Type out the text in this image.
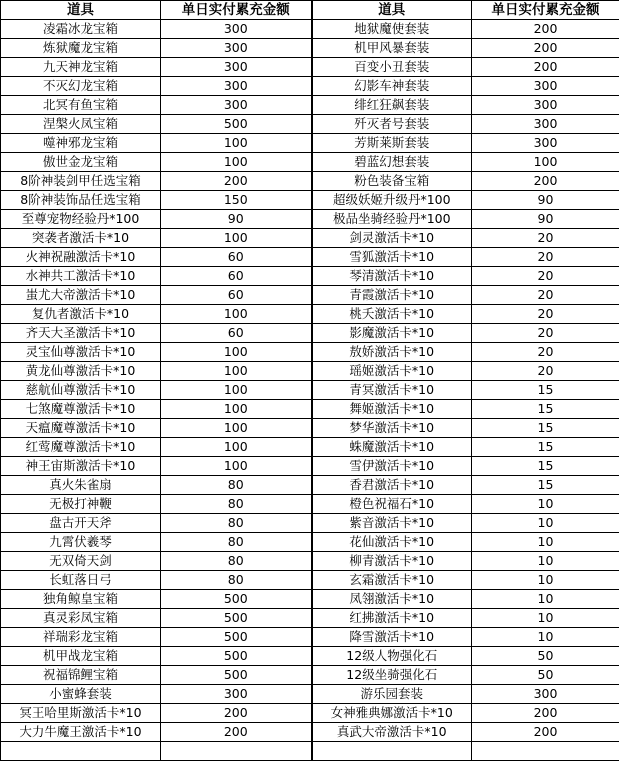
道具	单日实付累充金额	道具	单日实付累充金额
凌霜冰龙宝箱	300	地狱魔使套装	200
炼狱魔龙宝箱	300	机甲风暴套装	200
九天神龙宝箱	300	百变小丑套装	200
不灭幻龙宝箱	300	幻影车神套装	300
北冥有鱼宝箱	300	绯红狂飙套装	300
涅槃火凤宝箱	500	歼灭者号套装	300
噬神邪龙宝箱	100	芳斯莱斯套装	300
傲世金龙宝箱	100	碧蓝幻想套装	100
8阶神装剑甲任选宝箱	200	粉色装备宝箱	200
8阶神装饰品任选宝箱	150	超级妖姬升级丹*100	90
至尊宠物经验丹*100	90	极品坐骑经验丹*100	90
突袭者激活卡*10	100	剑灵激活卡*10	20
火神祝融激活卡*10	60	雪狐激活卡*10	20
水神共工激活卡*10	60	琴清激活卡*10	20
蚩尤大帝激活卡*10	60	青霞激活卡*10	20
复仇者激活卡*10	100	桃夭激活卡*10	20
齐天大圣激活卡*10	60	影魔激活卡*10	20
灵宝仙尊激活卡*10	100	敖娇激活卡*10	20
黄龙仙尊激活卡*10	100	瑶姬激活卡*10	20
慈航仙尊激活卡*10	100	青冥激活卡*10	15
七煞魔尊激活卡*10	100	舞姬激活卡*10	15
天瘟魔尊激活卡*10	100	梦华激活卡*10	15
红莺魔尊激活卡*10	100	蛛魔激活卡*10	15
神王宙斯激活卡*10	100	雪伊激活卡*10	15
真火朱雀扇	80	香君激活卡*10	15
无极打神鞭	80	橙色祝福石*10	10
盘古开天斧	80	紫音激活卡*10	10
九霄伏羲琴	80	花仙激活卡*10	10
无双倚天剑	80	柳青激活卡*10	10
长虹落日弓	80	玄霜激活卡*10	10
独角鲸皇宝箱	500	凤翎激活卡*10	10
真灵彩凤宝箱	500	红拂激活卡*10	10
祥瑞彩龙宝箱	500	降雪激活卡*10	10
机甲战龙宝箱	500	12级人物强化石	50
祝福锦鲤宝箱	500	12级坐骑强化石	50
小蜜蜂套装	300	游乐园套装	300
冥王哈里斯激活卡*10	200	女神雅典娜激活卡*10	200
大力牛魔王激活卡*10	200	真武大帝激活卡*10	200
